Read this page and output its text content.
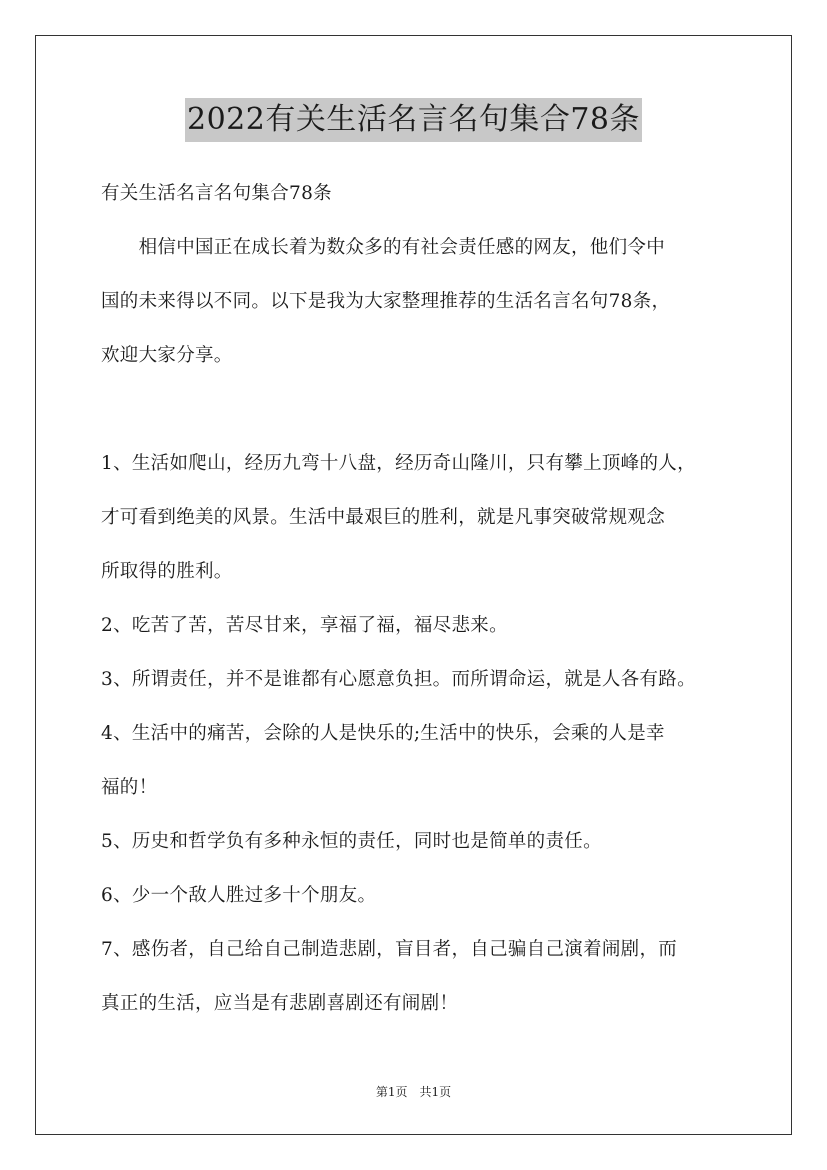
2022有关生活名言名句集合78条
有关生活名言名句集合78条
　　相信中国正在成长着为数众多的有社会责任感的网友，他们令中
国的未来得以不同。以下是我为大家整理推荐的生活名言名句78条，
欢迎大家分享。
1、生活如爬山，经历九弯十八盘，经历奇山隆川，只有攀上顶峰的人，
才可看到绝美的风景。生活中最艰巨的胜利，就是凡事突破常规观念
所取得的胜利。
2、吃苦了苦，苦尽甘来，享福了福，福尽悲来。
3、所谓责任，并不是谁都有心愿意负担。而所谓命运，就是人各有路。
4、生活中的痛苦，会除的人是快乐的;生活中的快乐，会乘的人是幸
福的！
5、历史和哲学负有多种永恒的责任，同时也是简单的责任。
6、少一个敌人胜过多十个朋友。
7、感伤者，自己给自己制造悲剧，盲目者，自己骗自己演着闹剧，而
真正的生活，应当是有悲剧喜剧还有闹剧！
第1页　共1页
